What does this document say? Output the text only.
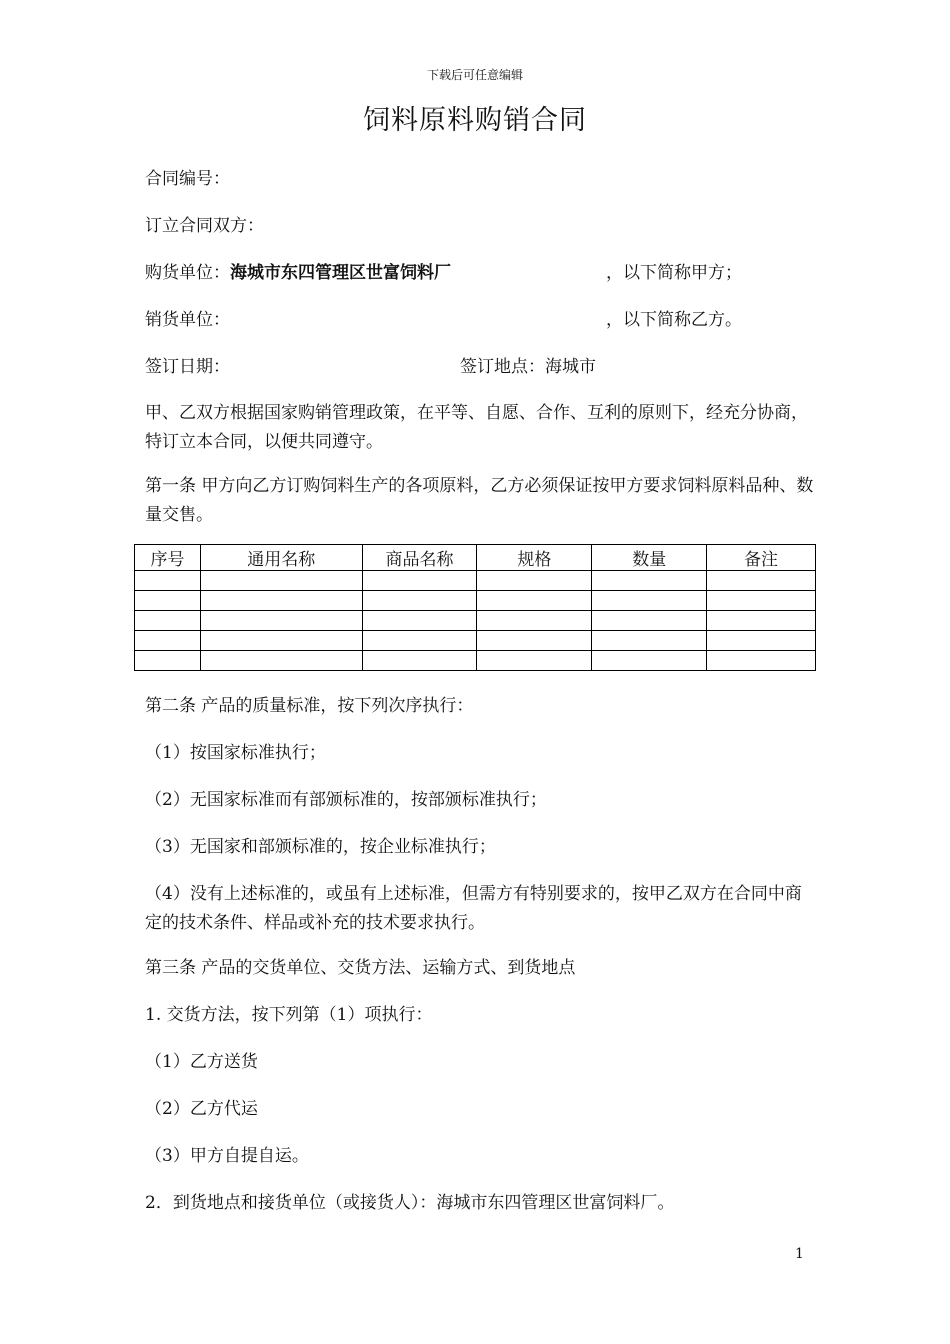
下载后可任意编辑
饲料原料购销合同
合同编号：
订立合同双方：
购货单位：海城市东四管理区世富饲料厂	，以下简称甲方；
销货单位：	，以下简称乙方。
签订日期：	签订地点：海城市
甲、乙双方根据国家购销管理政策，在平等、自愿、合作、互利的原则下，经充分协商，特订立本合同，以便共同遵守。
第一条 甲方向乙方订购饲料生产的各项原料，乙方必须保证按甲方要求饲料原料品种、数量交售。
序号	通用名称	商品名称	规格	数量	备注

第二条 产品的质量标准，按下列次序执行：
（1）按国家标准执行；
（2）无国家标准而有部颁标准的，按部颁标准执行；
（3）无国家和部颁标准的，按企业标准执行；
（4）没有上述标准的，或虽有上述标准，但需方有特别要求的，按甲乙双方在合同中商定的技术条件、样品或补充的技术要求执行。
第三条 产品的交货单位、交货方法、运输方式、到货地点
1. 交货方法，按下列第（1）项执行：
（1）乙方送货
（2）乙方代运
（3）甲方自提自运。
2．到货地点和接货单位（或接货人）：海城市东四管理区世富饲料厂。
1
